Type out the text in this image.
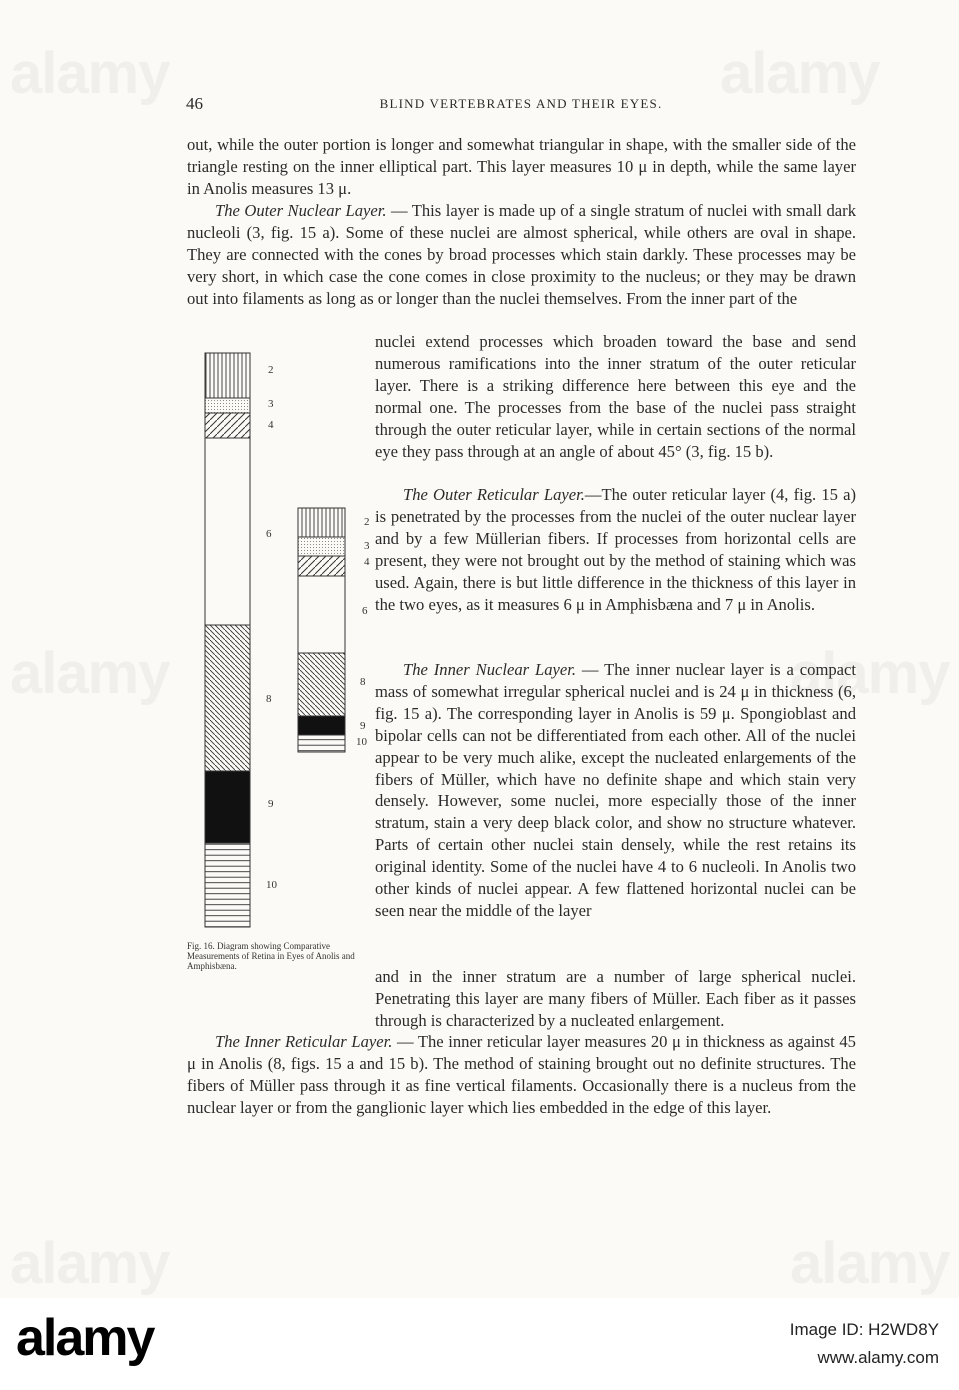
alamy	alamy
alamy	alamy
alamy	alamy
46	BLIND VERTEBRATES AND THEIR EYES.

out, while the outer portion is longer and somewhat triangular in shape, with the smaller side of the triangle resting on the inner elliptical part. This layer measures 10 μ in depth, while the same layer in Anolis measures 13 μ.

The Outer Nuclear Layer. — This layer is made up of a single stratum of nuclei with small dark nucleoli (3, fig. 15 a). Some of these nuclei are almost spherical, while others are oval in shape. They are connected with the cones by broad processes which stain darkly. These processes may be very short, in which case the cone comes in close proximity to the nucleus; or they may be drawn out into filaments as long as or longer than the nuclei themselves. From the inner part of the

nuclei extend processes which broaden toward the base and send numerous ramifications into the inner stratum of the outer reticular layer. There is a striking difference here between this eye and the normal one. The processes from the base of the nuclei pass straight through the outer reticular layer, while in certain sections of the normal eye they pass through at an angle of about 45° (3, fig. 15 b).

The Outer Reticular Layer.—The outer reticular layer (4, fig. 15 a) is penetrated by the processes from the nuclei of the outer nuclear layer and by a few Müllerian fibers. If processes from horizontal cells are present, they were not brought out by the method of staining which was used. Again, there is but little difference in the thickness of this layer in the two eyes, as it measures 6 μ in Amphisbæna and 7 μ in Anolis.

The Inner Nuclear Layer. — The inner nuclear layer is a compact mass of somewhat irregular spherical nuclei and is 24 μ in thickness (6, fig. 15 a). The corresponding layer in Anolis is 59 μ. Spongioblast and bipolar cells can not be differentiated from each other. All of the nuclei appear to be very much alike, except the nucleated enlargements of the fibers of Müller, which have no definite shape and which stain very densely. However, some nuclei, more especially those of the inner stratum, stain a very deep black color, and show no structure whatever. Parts of certain other nuclei stain densely, while the rest retains its original identity. Some of the nuclei have 4 to 6 nucleoli. In Anolis two other kinds of nuclei appear. A few flattened horizontal nuclei can be seen near the middle of the layer

and in the inner stratum are a number of large spherical nuclei. Penetrating this layer are many fibers of Müller. Each fiber as it passes through is characterized by a nucleated enlargement.

The Inner Reticular Layer. — The inner reticular layer measures 20 μ in thickness as against 45 μ in Anolis (8, figs. 15 a and 15 b). The method of staining brought out no definite structures. The fibers of Müller pass through it as fine vertical filaments. Occasionally there is a nucleus from the nuclear layer or from the ganglionic layer which lies embedded in the edge of this layer.

2
3
4
6
8
9
10
2
3
4
6
8
9
10
Fig. 16. Diagram showing Comparative Measurements of Retina in Eyes of Anolis and Amphisbæna.
alamy	Image ID: H2WD8Y
www.alamy.com
